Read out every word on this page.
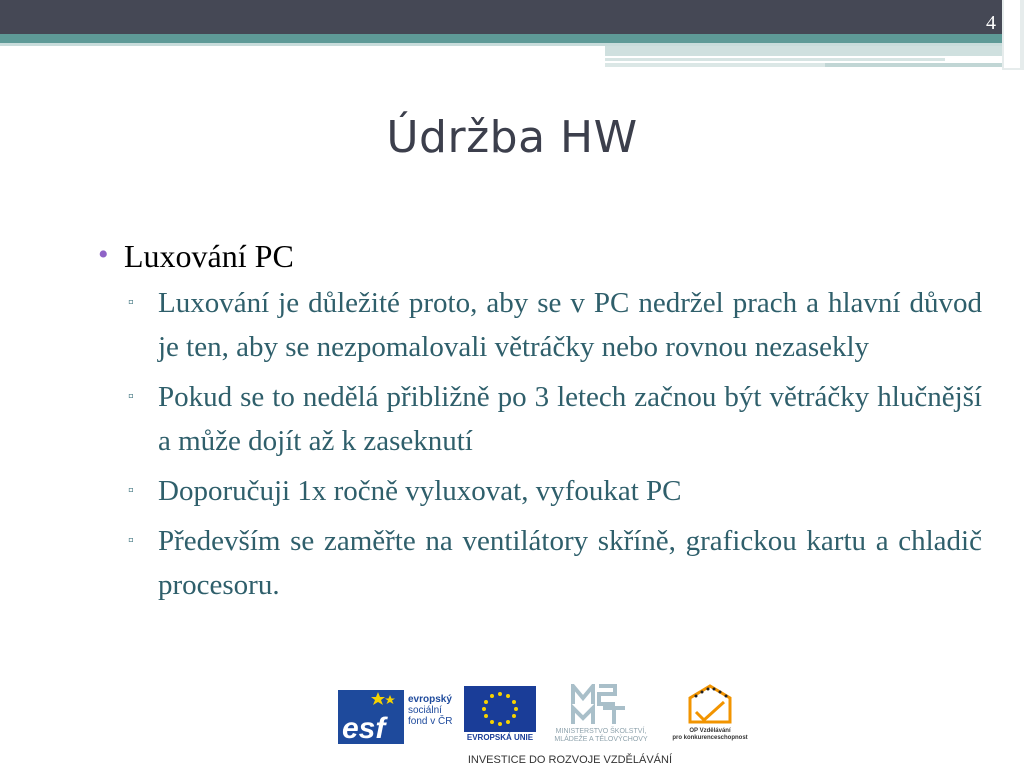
4
Údržba HW
• Luxování PC
▫ Luxování je důležité proto, aby se v PC nedržel prach a hlavní důvod je ten, aby se nezpomalovali větráčky nebo rovnou nezasekly
▫ Pokud se to nedělá přibližně po 3 letech začnou být větráčky hlučnější a může dojít až k zaseknutí
▫ Doporučuji 1x ročně vyluxovat, vyfoukat PC
▫ Především se zaměřte na ventilátory skříně, grafickou kartu a chladič procesoru.
esf
evropský
sociální
fond v ČR
EVROPSKÁ UNIE
MINISTERSTVO ŠKOLSTVÍ,
MLÁDEŽE A TĚLOVÝCHOVY
OP Vzdělávání
pro konkurenceschopnost
INVESTICE DO ROZVOJE VZDĚLÁVÁNÍ
